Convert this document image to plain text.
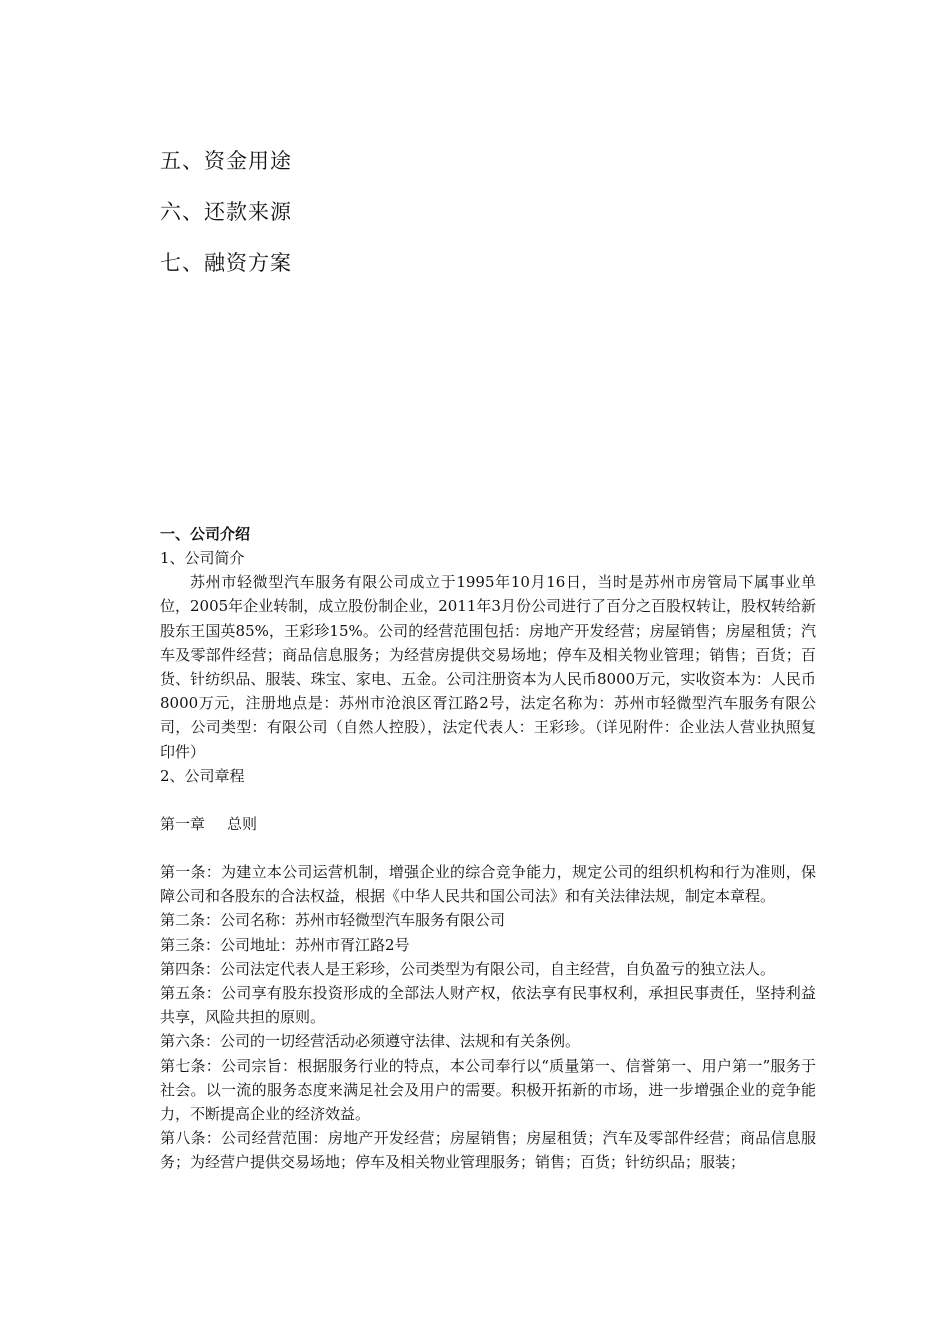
五、资金用途
六、还款来源
七、融资方案
一、公司介绍
1、公司简介
苏州市轻微型汽车服务有限公司成立于1995年10月16日，当时是苏州市房管局下属事业单位，2005年企业转制，成立股份制企业，2011年3月份公司进行了百分之百股权转让，股权转给新股东王国英85%，王彩珍15%。公司的经营范围包括：房地产开发经营；房屋销售；房屋租赁；汽车及零部件经营；商品信息服务；为经营房提供交易场地；停车及相关物业管理；销售；百货；百货、针纺织品、服装、珠宝、家电、五金。公司注册资本为人民币8000万元，实收资本为：人民币8000万元，注册地点是：苏州市沧浪区胥江路2号，法定名称为：苏州市轻微型汽车服务有限公司，公司类型：有限公司（自然人控股），法定代表人：王彩珍。（详见附件：企业法人营业执照复印件）
2、公司章程
第一章 总则
第一条：为建立本公司运营机制，增强企业的综合竞争能力，规定公司的组织机构和行为准则，保障公司和各股东的合法权益，根据《中华人民共和国公司法》和有关法律法规，制定本章程。
第二条：公司名称：苏州市轻微型汽车服务有限公司
第三条：公司地址：苏州市胥江路2号
第四条：公司法定代表人是王彩珍，公司类型为有限公司，自主经营，自负盈亏的独立法人。
第五条：公司享有股东投资形成的全部法人财产权，依法享有民事权利，承担民事责任，坚持利益共享，风险共担的原则。
第六条：公司的一切经营活动必须遵守法律、法规和有关条例。
第七条：公司宗旨：根据服务行业的特点，本公司奉行以“质量第一、信誉第一、用户第一”服务于社会。以一流的服务态度来满足社会及用户的需要。积极开拓新的市场，进一步增强企业的竞争能力，不断提高企业的经济效益。
第八条：公司经营范围：房地产开发经营；房屋销售；房屋租赁；汽车及零部件经营；商品信息服务；为经营户提供交易场地；停车及相关物业管理服务；销售；百货；针纺织品；服装；
